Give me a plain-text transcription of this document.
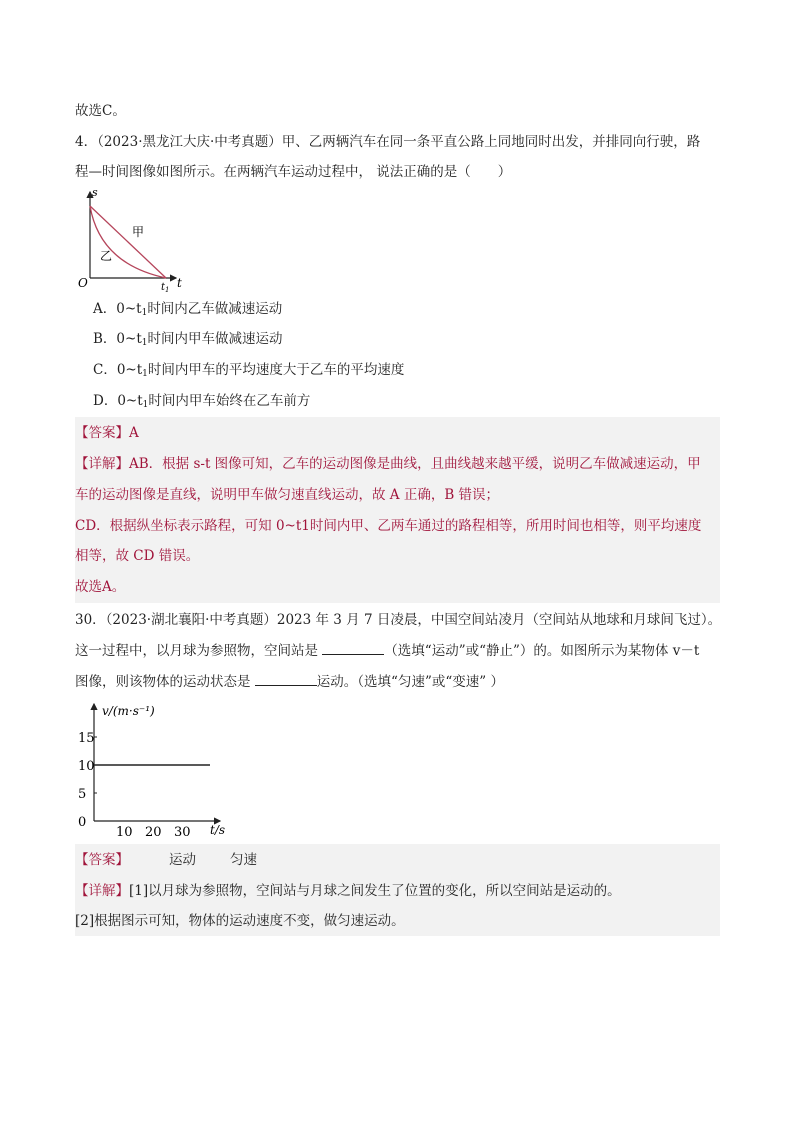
故选C。
4．（2023·黑龙江大庆·中考真题）甲、乙两辆汽车在同一条平直公路上同地同时出发，并排同向行驶，路
程—时间图像如图所示。在两辆汽车运动过程中， 说法正确的是（　　）
s
t
O	$t_1$
甲
乙
A．$0\sim t_1$时间内乙车做减速运动
B．$0\sim t_1$时间内甲车做减速运动
C．$0\sim t_1$时间内甲车的平均速度大于乙车的平均速度
D．$0\sim t_1$时间内甲车始终在乙车前方
【答案】A
【详解】AB．根据 s-t 图像可知，乙车的运动图像是曲线，且曲线越来越平缓，说明乙车做减速运动，甲
车的运动图像是直线，说明甲车做匀速直线运动，故 A 正确，B 错误；
CD．根据纵坐标表示路程，可知 0~t1时间内甲、乙两车通过的路程相等，所用时间也相等，则平均速度
相等，故 CD 错误。
故选A。
30．（2023·湖北襄阳·中考真题）2023 年 3 月 7 日凌晨，中国空间站凌月（空间站从地球和月球间飞过）。
这一过程中，以月球为参照物，空间站是	（选填“运动”或“静止”）的。如图所示为某物体 v－t
图像，则该物体的运动状态是	运动。（选填“匀速”或“变速” ）
v/(m·s⁻¹)
t/s
0
5
10
15
10 20 30
【答案】	运动	匀速
【详解】[1]以月球为参照物，空间站与月球之间发生了位置的变化，所以空间站是运动的。
[2]根据图示可知，物体的运动速度不变，做匀速运动。
